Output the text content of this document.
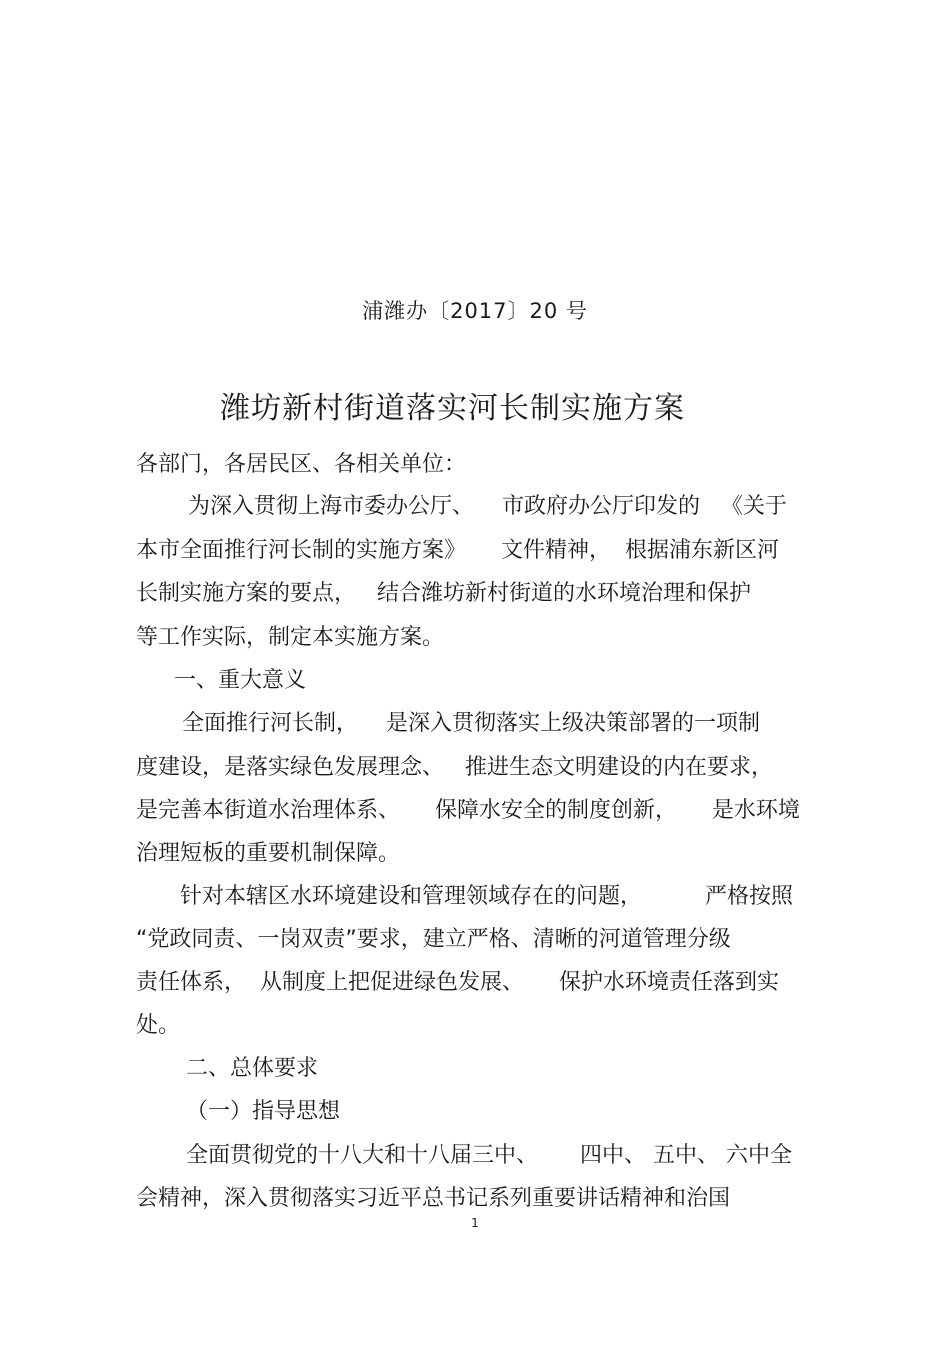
浦潍办〔2017〕20 号
潍坊新村街道落实河长制实施方案
各部门，各居民区、各相关单位：
为深入贯彻上海市委办公厅、    市政府办公厅印发的   《关于
本市全面推行河长制的实施方案》     文件精神，  根据浦东新区河
长制实施方案的要点，   结合潍坊新村街道的水环境治理和保护
等工作实际，制定本实施方案。
一、重大意义
全面推行河长制，    是深入贯彻落实上级决策部署的一项制
度建设，是落实绿色发展理念、   推进生态文明建设的内在要求，
是完善本街道水治理体系、     保障水安全的制度创新，     是水环境
治理短板的重要机制保障。
针对本辖区水环境建设和管理领域存在的问题，         严格按照
“党政同责、一岗双责”要求，建立严格、清晰的河道管理分级
责任体系，  从制度上把促进绿色发展、     保护水环境责任落到实
处。
二、总体要求
（一）指导思想
全面贯彻党的十八大和十八届三中、      四中、 五中、 六中全
会精神，深入贯彻落实习近平总书记系列重要讲话精神和治国
1
